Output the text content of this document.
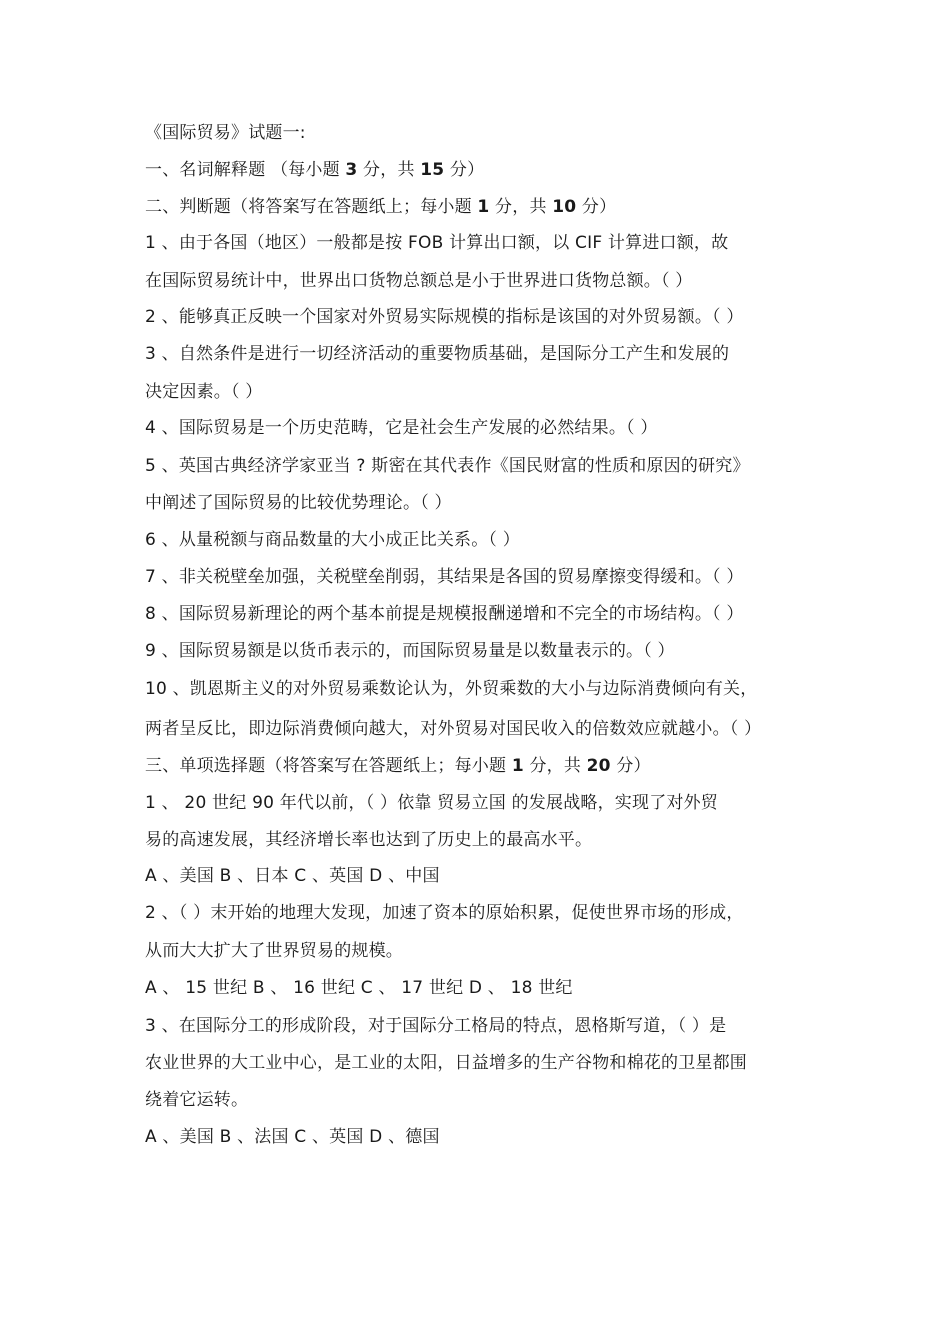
《国际贸易》试题一:
一、名词解释题 （每小题 3 分，共 15 分）
二、判断题（将答案写在答题纸上；每小题 1 分，共 10 分）
1 、由于各国（地区）一般都是按 FOB 计算出口额，以 CIF 计算进口额，故
在国际贸易统计中，世界出口货物总额总是小于世界进口货物总额。（ ）
2 、能够真正反映一个国家对外贸易实际规模的指标是该国的对外贸易额。（ ）
3 、自然条件是进行一切经济活动的重要物质基础，是国际分工产生和发展的
决定因素。（ ）
4 、国际贸易是一个历史范畴，它是社会生产发展的必然结果。（ ）
5 、英国古典经济学家亚当 ? 斯密在其代表作《国民财富的性质和原因的研究》
中阐述了国际贸易的比较优势理论。（ ）
6 、从量税额与商品数量的大小成正比关系。（ ）
7 、非关税壁垒加强，关税壁垒削弱，其结果是各国的贸易摩擦变得缓和。（ ）
8 、国际贸易新理论的两个基本前提是规模报酬递增和不完全的市场结构。（ ）
9 、国际贸易额是以货币表示的，而国际贸易量是以数量表示的。（ ）
10 、凯恩斯主义的对外贸易乘数论认为，外贸乘数的大小与边际消费倾向有关，
两者呈反比，即边际消费倾向越大，对外贸易对国民收入的倍数效应就越小。（ ）
三、单项选择题（将答案写在答题纸上；每小题 1 分，共 20 分）
1 、 20 世纪 90 年代以前，（ ）依靠 贸易立国 的发展战略，实现了对外贸
易的高速发展，其经济增长率也达到了历史上的最高水平。
A 、美国 B 、日本 C 、英国 D 、中国
2 、（ ）末开始的地理大发现，加速了资本的原始积累，促使世界市场的形成，
从而大大扩大了世界贸易的规模。
A 、 15 世纪 B 、 16 世纪 C 、 17 世纪 D 、 18 世纪
3 、在国际分工的形成阶段，对于国际分工格局的特点，恩格斯写道，（ ）是
农业世界的大工业中心，是工业的太阳，日益增多的生产谷物和棉花的卫星都围
绕着它运转。
A 、美国 B 、法国 C 、英国 D 、德国
